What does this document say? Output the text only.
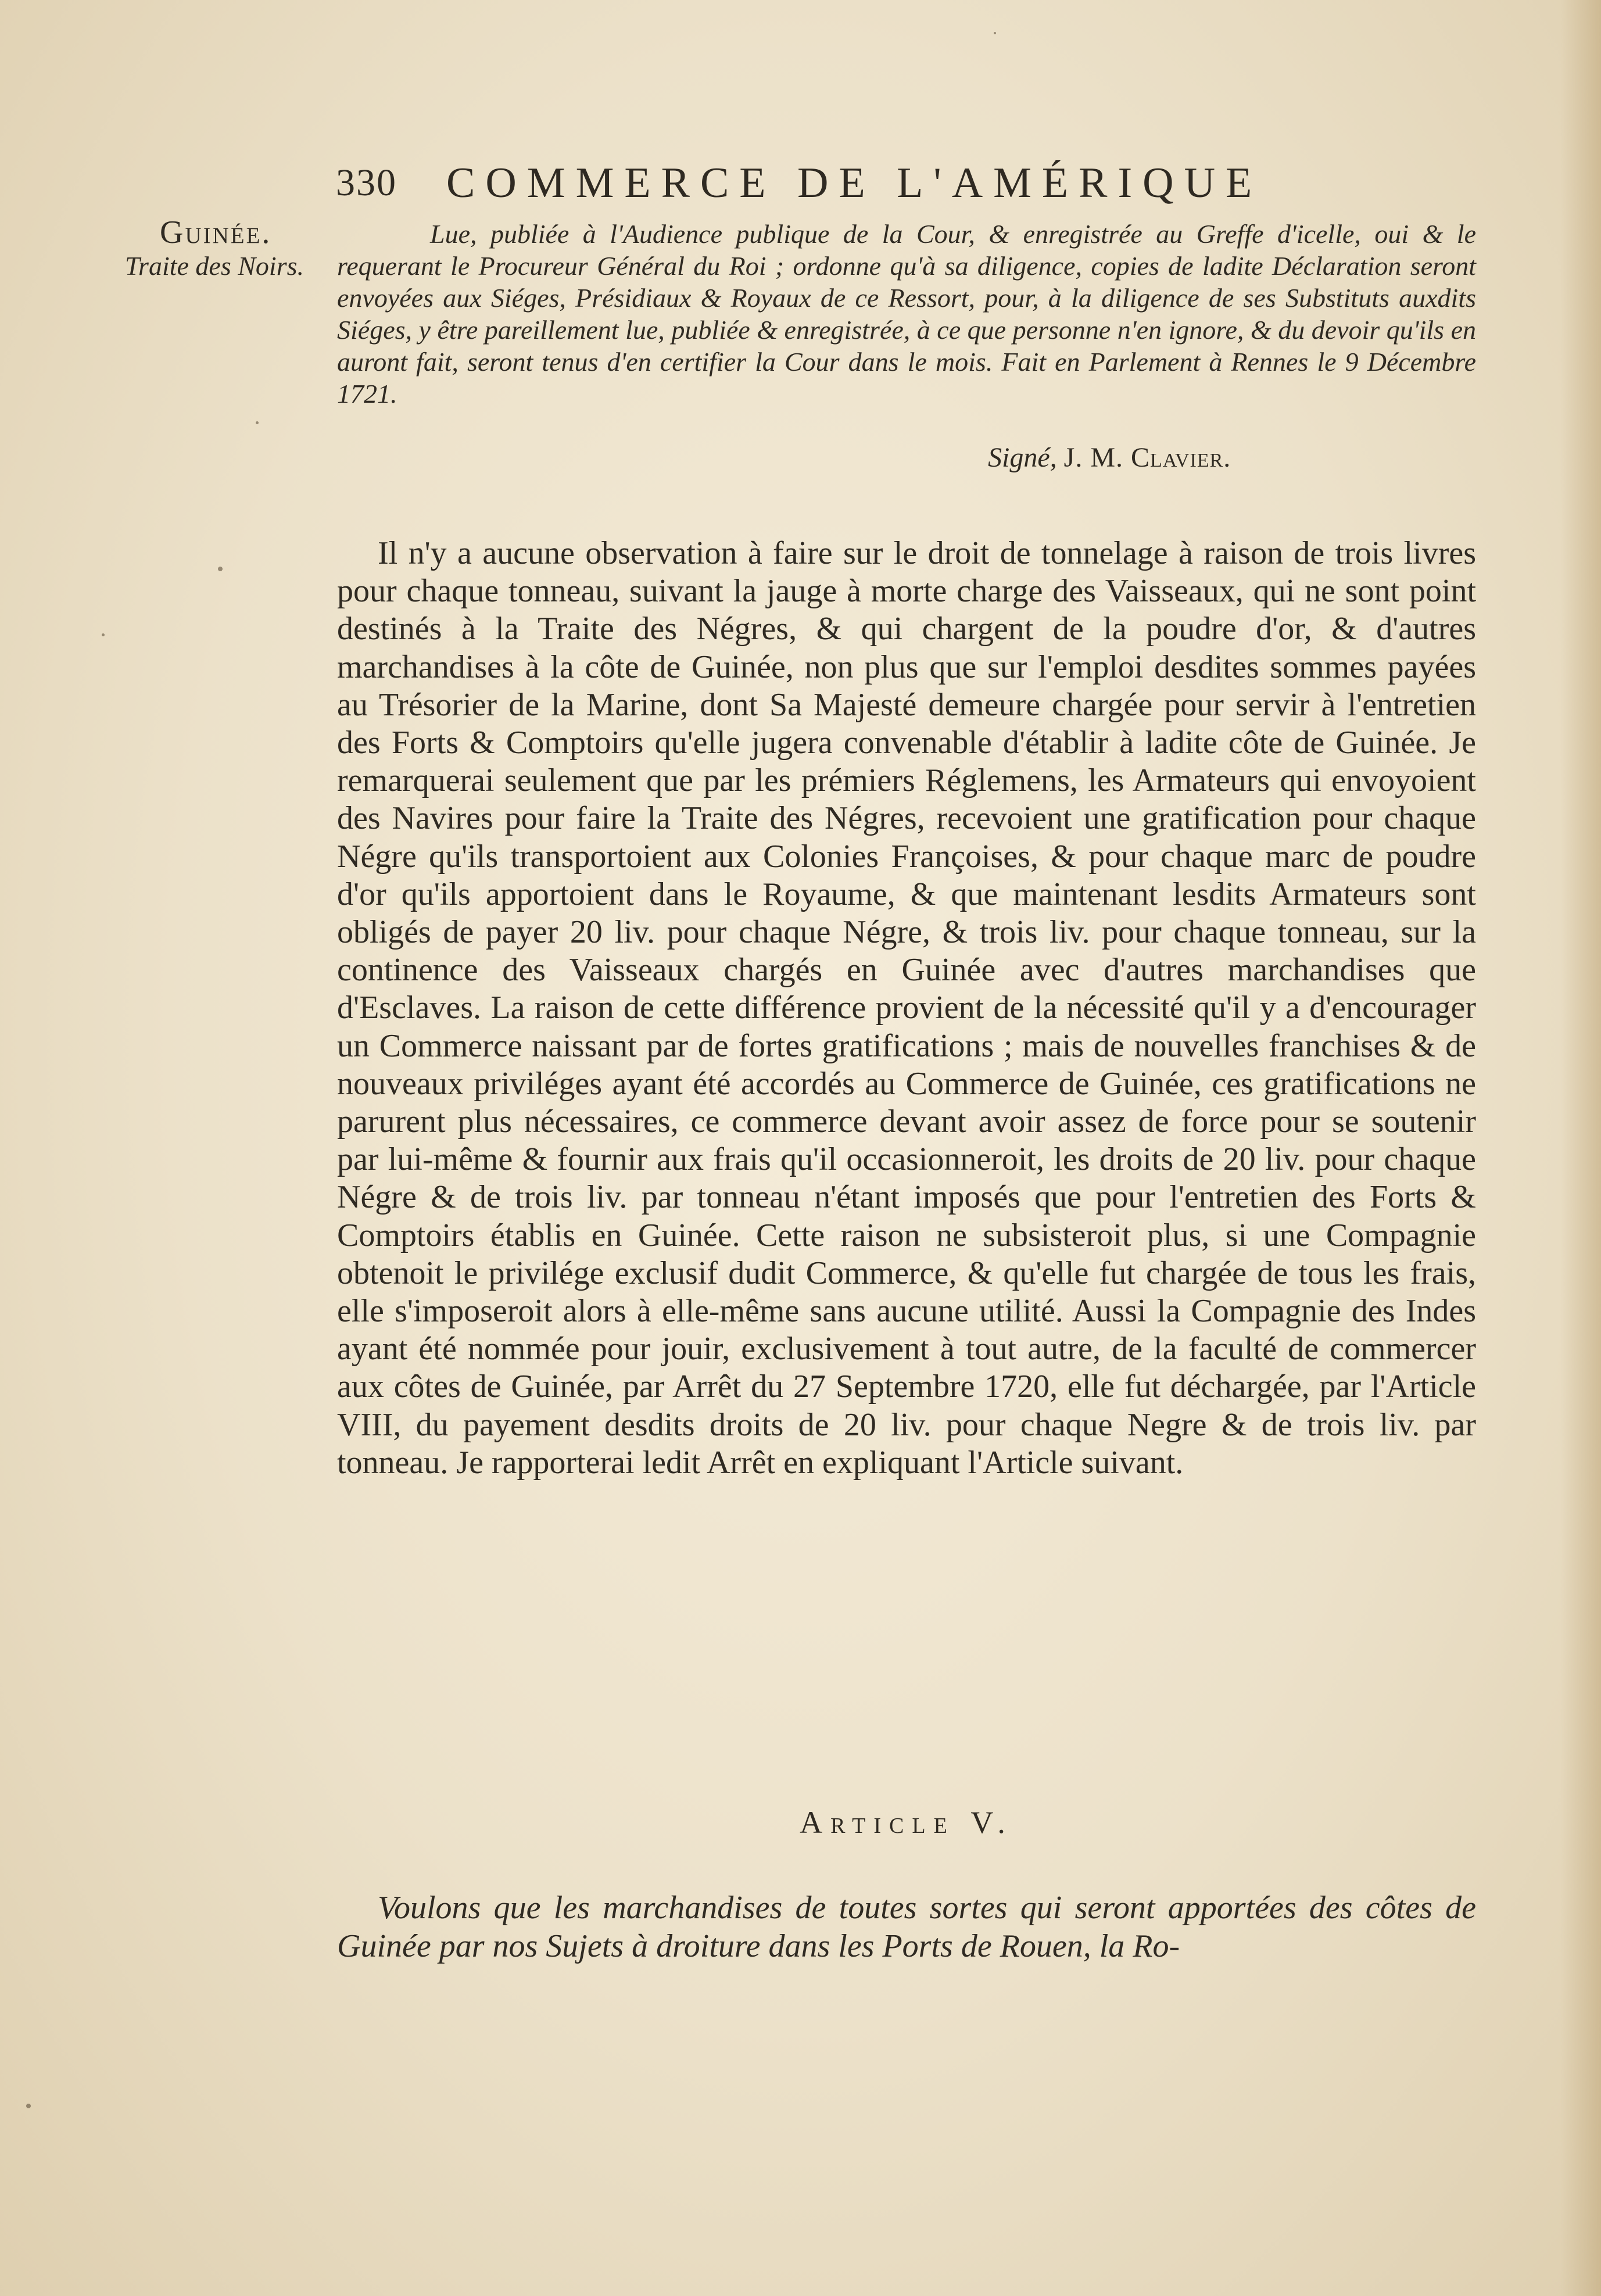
330	COMMERCE DE L'AMÉRIQUE
Guinée.
Traite des Noirs.
Lue, publiée à l'Audience publique de la Cour, & enregistrée au Greffe d'icelle, oui & le requerant le Procureur Général du Roi ; ordonne qu'à sa diligence, copies de ladite Déclaration seront envoyées aux Siéges, Présidiaux & Royaux de ce Ressort, pour, à la diligence de ses Substituts auxdits Siéges, y être pareillement lue, publiée & enregistrée, à ce que personne n'en ignore, & du devoir qu'ils en auront fait, seront tenus d'en certifier la Cour dans le mois. Fait en Parlement à Rennes le 9 Décembre 1721.
Signé, J. M. Clavier.
Il n'y a aucune observation à faire sur le droit de tonnelage à raison de trois livres pour chaque tonneau, suivant la jauge à morte charge des Vaisseaux, qui ne sont point destinés à la Traite des Négres, & qui chargent de la poudre d'or, & d'autres marchandises à la côte de Guinée, non plus que sur l'emploi desdites sommes payées au Trésorier de la Marine, dont Sa Majesté demeure chargée pour servir à l'entretien des Forts & Comptoirs qu'elle jugera convenable d'établir à ladite côte de Guinée. Je remarquerai seulement que par les prémiers Réglemens, les Armateurs qui envoyoient des Navires pour faire la Traite des Négres, recevoient une gratification pour chaque Négre qu'ils transportoient aux Colonies Françoises, & pour chaque marc de poudre d'or qu'ils apportoient dans le Royaume, & que maintenant lesdits Armateurs sont obligés de payer 20 liv. pour chaque Négre, & trois liv. pour chaque tonneau, sur la continence des Vaisseaux chargés en Guinée avec d'autres marchandises que d'Esclaves. La raison de cette différence provient de la nécessité qu'il y a d'encourager un Commerce naissant par de fortes gratifications ; mais de nouvelles franchises & de nouveaux priviléges ayant été accordés au Commerce de Guinée, ces gratifications ne parurent plus nécessaires, ce commerce devant avoir assez de force pour se soutenir par lui-même & fournir aux frais qu'il occasionneroit, les droits de 20 liv. pour chaque Négre & de trois liv. par tonneau n'étant imposés que pour l'entretien des Forts & Comptoirs établis en Guinée. Cette raison ne subsisteroit plus, si une Compagnie obtenoit le privilége exclusif dudit Commerce, & qu'elle fut chargée de tous les frais, elle s'imposeroit alors à elle-même sans aucune utilité. Aussi la Compagnie des Indes ayant été nommée pour jouir, exclusivement à tout autre, de la faculté de commercer aux côtes de Guinée, par Arrêt du 27 Septembre 1720, elle fut déchargée, par l'Article VIII, du payement desdits droits de 20 liv. pour chaque Negre & de trois liv. par tonneau. Je rapporterai ledit Arrêt en expliquant l'Article suivant.
Article V.
Voulons que les marchandises de toutes sortes qui seront apportées des côtes de Guinée par nos Sujets à droiture dans les Ports de Rouen, la Ro-
